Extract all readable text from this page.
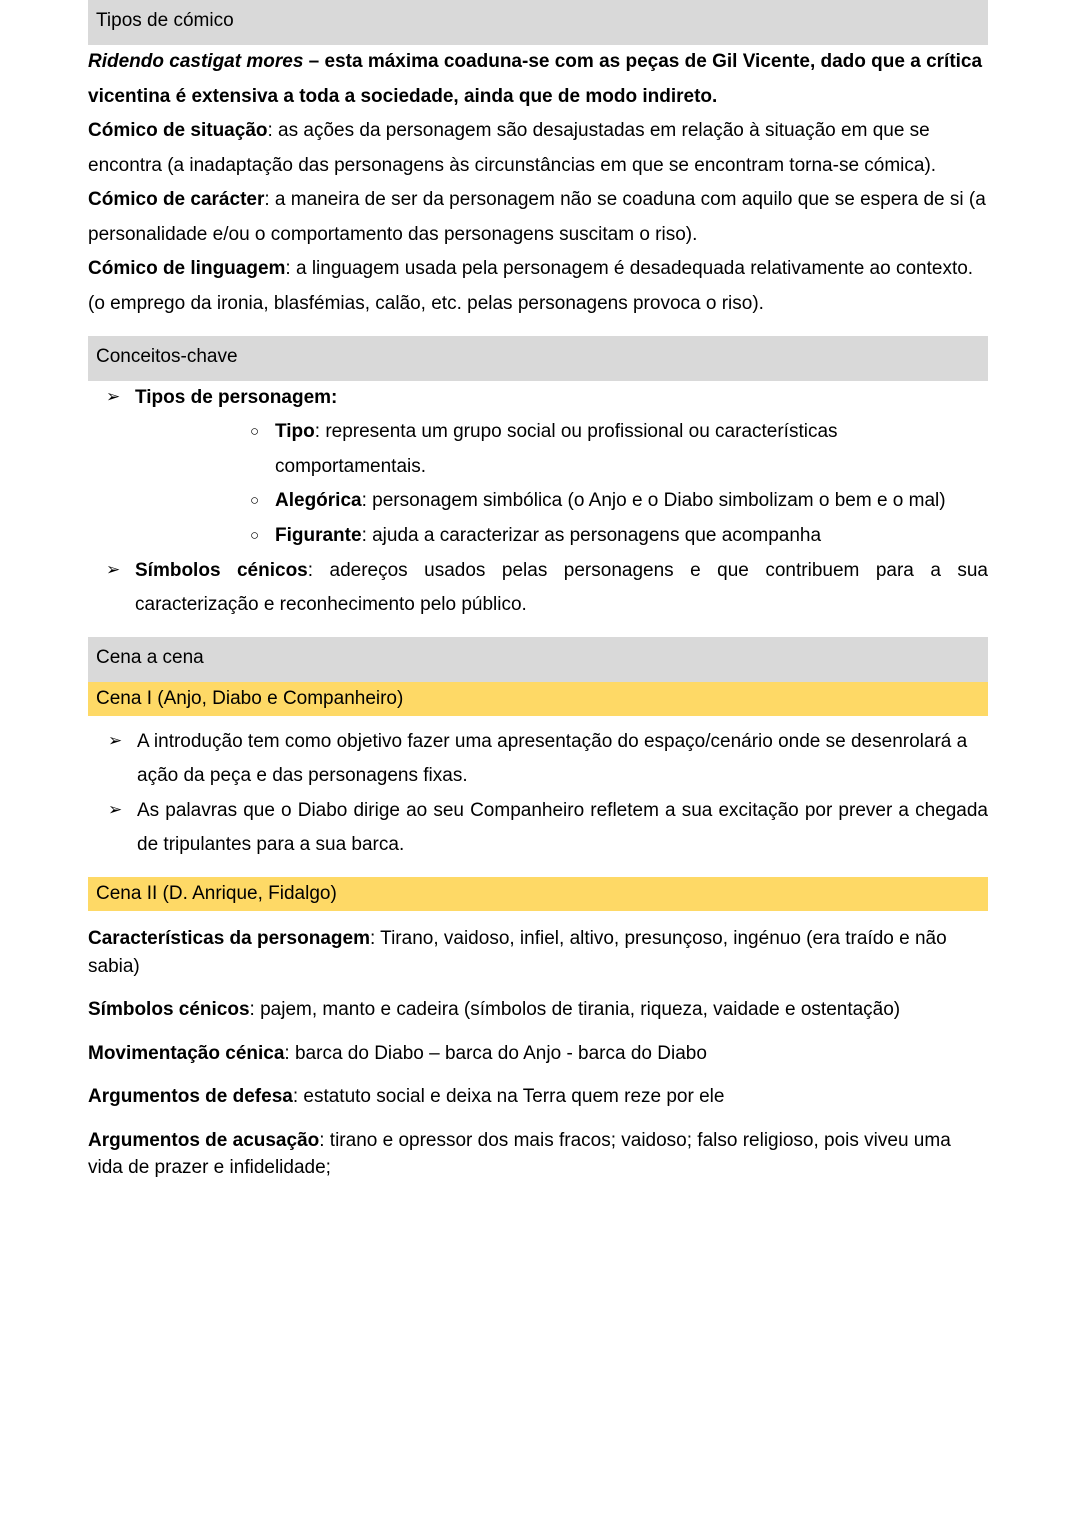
Tipos de cómico

Ridendo castigat mores – esta máxima coaduna-se com as peças de Gil Vicente, dado que a crítica vicentina é extensiva a toda a sociedade, ainda que de modo indireto.

Cómico de situação: as ações da personagem são desajustadas em relação à situação em que se encontra (a inadaptação das personagens às circunstâncias em que se encontram torna-se cómica).

Cómico de carácter: a maneira de ser da personagem não se coaduna com aquilo que se espera de si (a personalidade e/ou o comportamento das personagens suscitam o riso).

Cómico de linguagem: a linguagem usada pela personagem é desadequada relativamente ao contexto. (o emprego da ironia, blasfémias, calão, etc. pelas personagens provoca o riso).

Conceitos-chave
➢ Tipos de personagem:
○ Tipo: representa um grupo social ou profissional ou características comportamentais.
○ Alegórica: personagem simbólica (o Anjo e o Diabo simbolizam o bem e o mal)
○ Figurante: ajuda a caracterizar as personagens que acompanha
➢ Símbolos cénicos: adereços usados pelas personagens e que contribuem para a sua caracterização e reconhecimento pelo público.
Cena a cena
Cena I (Anjo, Diabo e Companheiro)
➢ A introdução tem como objetivo fazer uma apresentação do espaço/cenário onde se desenrolará a ação da peça e das personagens fixas.
➢ As palavras que o Diabo dirige ao seu Companheiro refletem a sua excitação por prever a chegada de tripulantes para a sua barca.
Cena II (D. Anrique, Fidalgo)

Características da personagem: Tirano, vaidoso, infiel, altivo, presunçoso, ingénuo (era traído e não sabia)

Símbolos cénicos: pajem, manto e cadeira (símbolos de tirania, riqueza, vaidade e ostentação)

Movimentação cénica: barca do Diabo – barca do Anjo - barca do Diabo

Argumentos de defesa: estatuto social e deixa na Terra quem reze por ele

Argumentos de acusação: tirano e opressor dos mais fracos; vaidoso; falso religioso, pois viveu uma vida de prazer e infidelidade;
